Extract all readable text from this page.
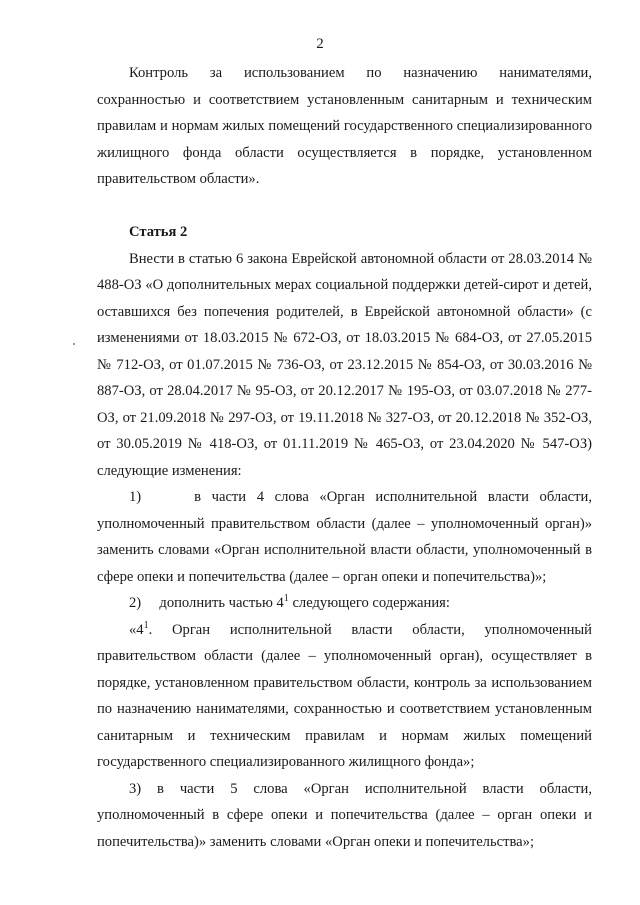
2

Контроль за использованием по назначению нанимателями, сохранностью и соответствием установленным санитарным и техническим правилам и нормам жилых помещений государственного специализированного жилищного фонда области осуществляется в порядке, установленном правительством области».

Статья 2

Внести в статью 6 закона Еврейской автономной области от 28.03.2014 № 488-ОЗ «О дополнительных мерах социальной поддержки детей-сирот и детей, оставшихся без попечения родителей, в Еврейской автономной области» (с изменениями от 18.03.2015 № 672-ОЗ, от 18.03.2015 № 684-ОЗ, от 27.05.2015 № 712-ОЗ, от 01.07.2015 № 736-ОЗ, от 23.12.2015 № 854-ОЗ, от 30.03.2016 № 887-ОЗ, от 28.04.2017 № 95-ОЗ, от 20.12.2017 № 195-ОЗ, от 03.07.2018 № 277-ОЗ, от 21.09.2018 № 297-ОЗ, от 19.11.2018 № 327-ОЗ, от 20.12.2018 № 352-ОЗ, от 30.05.2019 № 418-ОЗ, от 01.11.2019 № 465-ОЗ, от 23.04.2020 № 547-ОЗ) следующие изменения:

1)     в части 4 слова «Орган исполнительной власти области, уполномоченный правительством области (далее – уполномоченный орган)» заменить словами «Орган исполнительной власти области, уполномоченный в сфере опеки и попечительства (далее – орган опеки и попечительства)»;

2)     дополнить частью $4^1$ следующего содержания:

«$4^1$. Орган исполнительной власти области, уполномоченный правительством области (далее – уполномоченный орган), осуществляет в порядке, установленном правительством области, контроль за использованием по назначению нанимателями, сохранностью и соответствием установленным санитарным и техническим правилам и нормам жилых помещений государственного специализированного жилищного фонда»;

3) в части 5 слова «Орган исполнительной власти области, уполномоченный в сфере опеки и попечительства (далее – орган опеки и попечительства)» заменить словами «Орган опеки и попечительства»;
